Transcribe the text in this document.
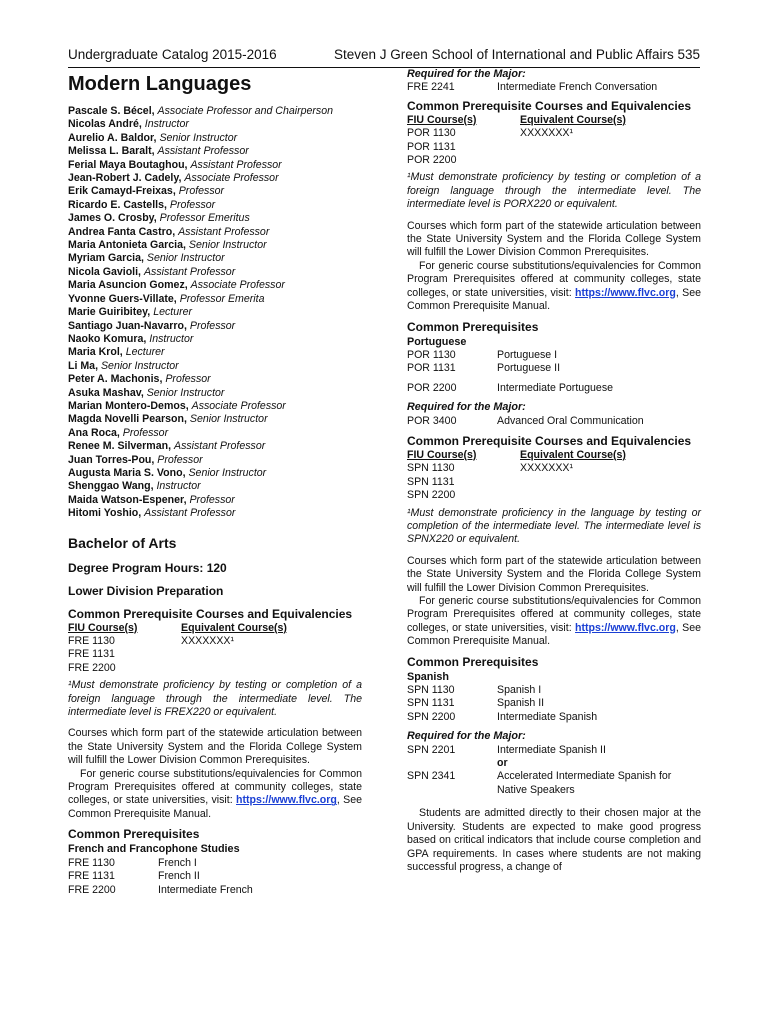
Undergraduate Catalog 2015-2016	Steven J Green School of International and Public Affairs 535
Modern Languages
Pascale S. Bécel, Associate Professor and Chairperson
Nicolas André, Instructor
Aurelio A. Baldor, Senior Instructor
Melissa L. Baralt, Assistant Professor
Ferial Maya Boutaghou, Assistant Professor
Jean-Robert J. Cadely, Associate Professor
Erik Camayd-Freixas, Professor
Ricardo E. Castells, Professor
James O. Crosby, Professor Emeritus
Andrea Fanta Castro, Assistant Professor
Maria Antonieta Garcia, Senior Instructor
Myriam Garcia, Senior Instructor
Nicola Gavioli, Assistant Professor
Maria Asuncion Gomez, Associate Professor
Yvonne Guers-Villate, Professor Emerita
Marie Guiribitey, Lecturer
Santiago Juan-Navarro, Professor
Naoko Komura, Instructor
Maria Krol, Lecturer
Li Ma, Senior Instructor
Peter A. Machonis, Professor
Asuka Mashav, Senior Instructor
Marian Montero-Demos, Associate Professor
Magda Novelli Pearson, Senior Instructor
Ana Roca, Professor
Renee M. Silverman, Assistant Professor
Juan Torres-Pou, Professor
Augusta Maria S. Vono, Senior Instructor
Shenggao Wang, Instructor
Maida Watson-Espener, Professor
Hitomi Yoshio, Assistant Professor
Bachelor of Arts
Degree Program Hours: 120
Lower Division Preparation
Common Prerequisite Courses and Equivalencies
FIU Course(s)	Equivalent Course(s)
FRE 1130	XXXXXXX¹
FRE 1131
FRE 2200
¹Must demonstrate proficiency by testing or completion of a foreign language through the intermediate level. The intermediate level is FREX220 or equivalent.
Courses which form part of the statewide articulation between the State University System and the Florida College System will fulfill the Lower Division Common Prerequisites.
For generic course substitutions/equivalencies for Common Program Prerequisites offered at community colleges, state colleges, or state universities, visit: https://www.flvc.org, See Common Prerequisite Manual.
Common Prerequisites
French and Francophone Studies
FRE 1130	French I
FRE 1131	French II
FRE 2200	Intermediate French
Required for the Major:
FRE 2241	Intermediate French Conversation
Common Prerequisite Courses and Equivalencies
FIU Course(s)	Equivalent Course(s)
POR 1130	XXXXXXX¹
POR 1131
POR 2200
¹Must demonstrate proficiency by testing or completion of a foreign language through the intermediate level. The intermediate level is PORX220 or equivalent.
Courses which form part of the statewide articulation between the State University System and the Florida College System will fulfill the Lower Division Common Prerequisites.
For generic course substitutions/equivalencies for Common Program Prerequisites offered at community colleges, state colleges, or state universities, visit: https://www.flvc.org, See Common Prerequisite Manual.
Common Prerequisites
Portuguese
POR 1130	Portuguese I
POR 1131	Portuguese II
POR 2200	Intermediate Portuguese
Required for the Major:
POR 3400	Advanced Oral Communication
Common Prerequisite Courses and Equivalencies
FIU Course(s)	Equivalent Course(s)
SPN 1130	XXXXXXX¹
SPN 1131
SPN 2200
¹Must demonstrate proficiency in the language by testing or completion of the intermediate level. The intermediate level is SPNX220 or equivalent.
Courses which form part of the statewide articulation between the State University System and the Florida College System will fulfill the Lower Division Common Prerequisites.
For generic course substitutions/equivalencies for Common Program Prerequisites offered at community colleges, state colleges, or state universities, visit: https://www.flvc.org, See Common Prerequisite Manual.
Common Prerequisites
Spanish
SPN 1130	Spanish I
SPN 1131	Spanish II
SPN 2200	Intermediate Spanish
Required for the Major:
SPN 2201	Intermediate Spanish II
or
SPN 2341	Accelerated Intermediate Spanish for Native Speakers
Students are admitted directly to their chosen major at the University. Students are expected to make good progress based on critical indicators that include course completion and GPA requirements. In cases where students are not making successful progress, a change of
